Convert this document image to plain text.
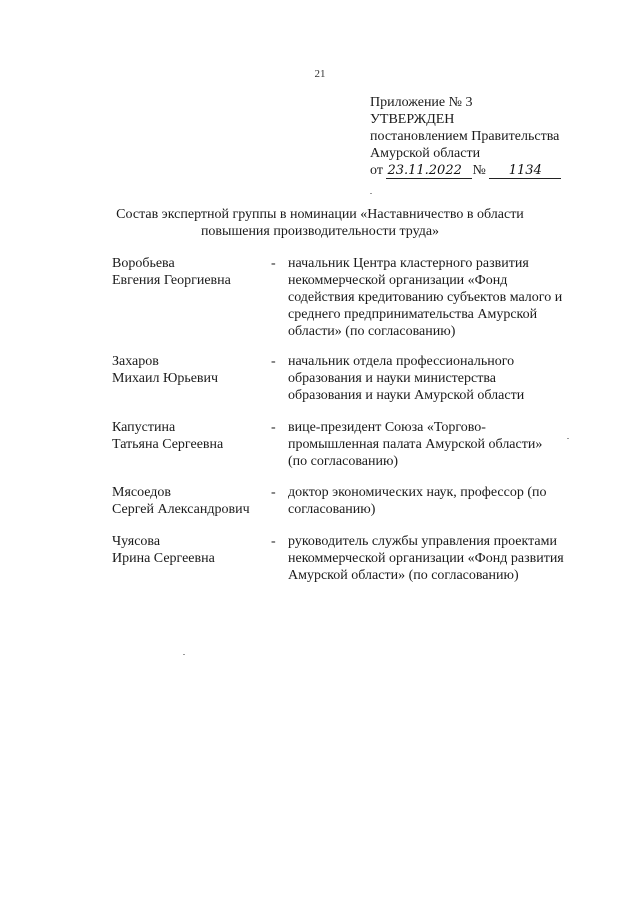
21
Приложение № 3
УТВЕРЖДЕН
постановлением Правительства
Амурской области
от 23.11.2022 № 1134
Состав экспертной группы в номинации «Наставничество в области
повышения производительности труда»
Воробьева
Евгения Георгиевна
- начальник Центра кластерного развития
некоммерческой организации «Фонд
содействия кредитованию субъектов малого и
среднего предпринимательства Амурской
области» (по согласованию)
Захаров
Михаил Юрьевич
- начальник отдела профессионального
образования и науки министерства
образования и науки Амурской области
Капустина
Татьяна Сергеевна
- вице-президент Союза «Торгово-
промышленная палата Амурской области»
(по согласованию)
Мясоедов
Сергей Александрович
- доктор экономических наук, профессор (по
согласованию)
Чуясова
Ирина Сергеевна
- руководитель службы управления проектами
некоммерческой организации «Фонд развития
Амурской области» (по согласованию)
